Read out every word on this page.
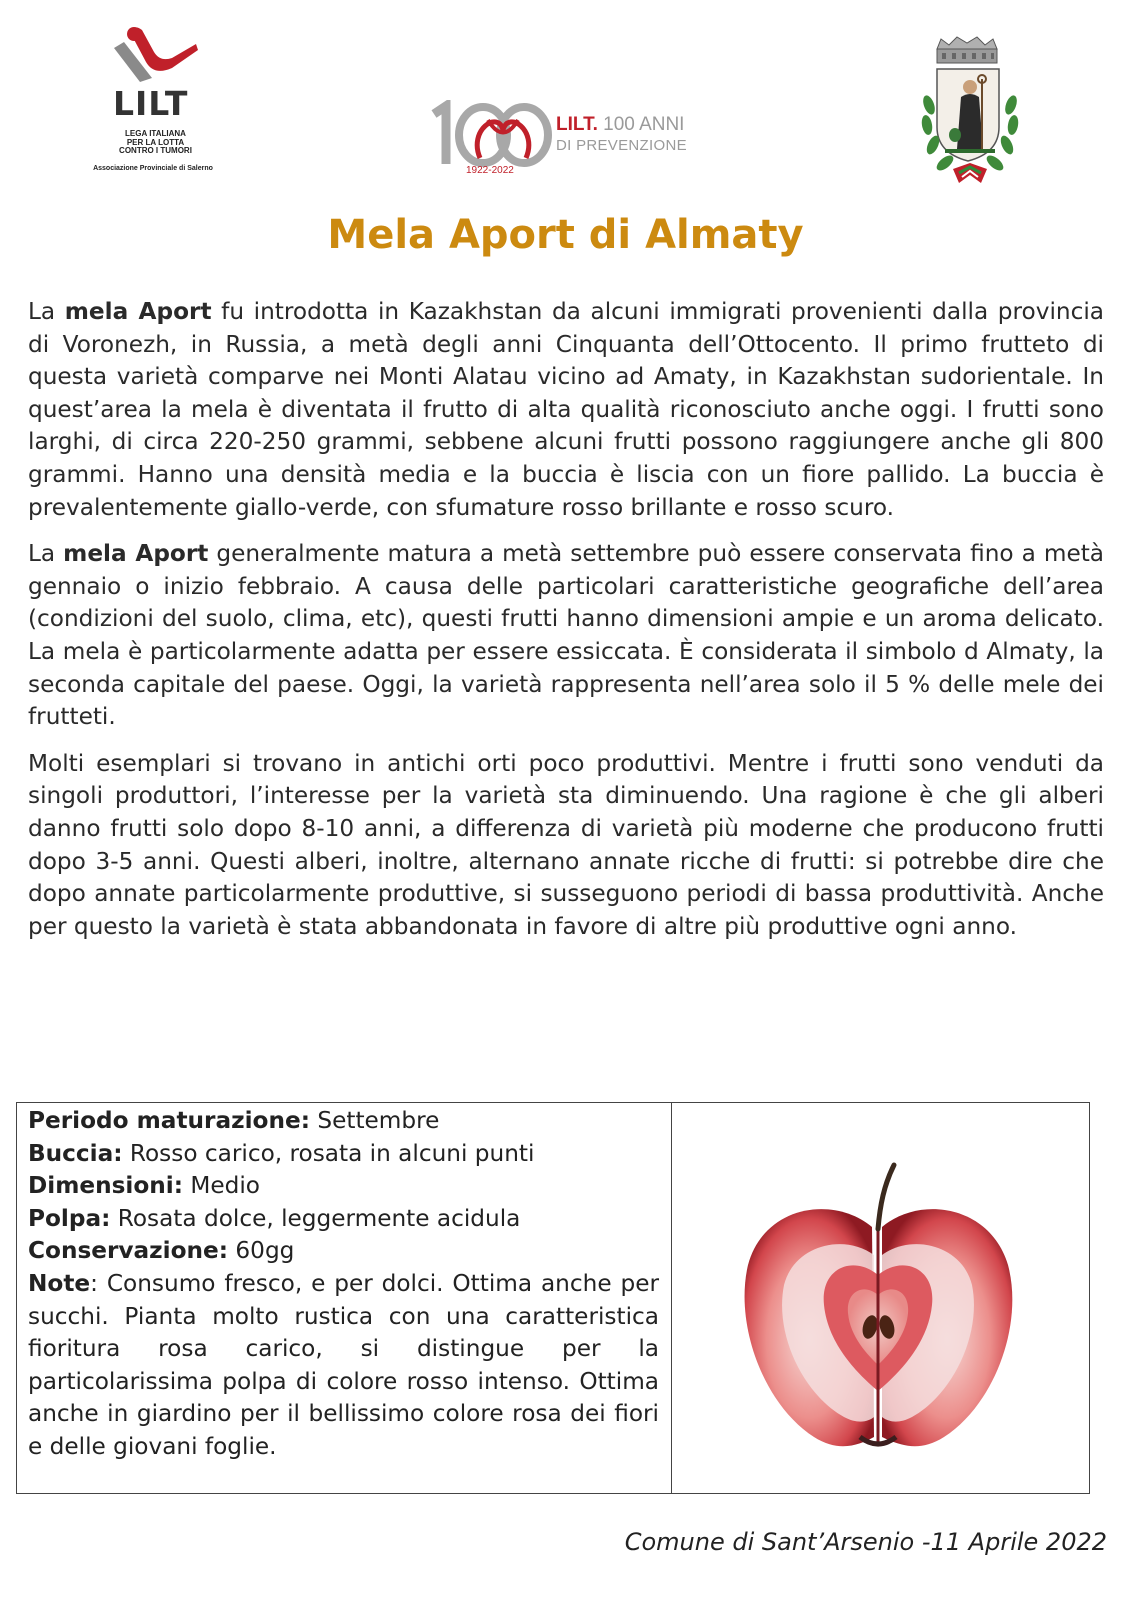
LILT
LEGA ITALIANA
PER LA LOTTA
CONTRO I TUMORI
Associazione Provinciale di Salerno	1922-2022
LILT. 100 ANNI
DI PREVENZIONE
Mela Aport di Almaty

La mela Aport fu introdotta in Kazakhstan da alcuni immigrati provenienti dalla provincia di Voronezh, in Russia, a metà degli anni Cinquanta dell’Ottocento. Il primo frutteto di questa varietà comparve nei Monti Alatau vicino ad Amaty, in Kazakhstan sudorientale. In quest’area la mela è diventata il frutto di alta qualità riconosciuto anche oggi. I frutti sono larghi, di circa 220-250 grammi, sebbene alcuni frutti possono raggiungere anche gli 800 grammi. Hanno una densità media e la buccia è liscia con un fiore pallido. La buccia è prevalentemente giallo-verde, con sfumature rosso brillante e rosso scuro.

La mela Aport generalmente matura a metà settembre può essere conservata fino a metà gennaio o inizio febbraio. A causa delle particolari caratteristiche geografiche dell’area (condizioni del suolo, clima, etc), questi frutti hanno dimensioni ampie e un aroma delicato. La mela è particolarmente adatta per essere essiccata. È considerata il simbolo d Almaty, la seconda capitale del paese. Oggi, la varietà rappresenta nell’area solo il 5 % delle mele dei frutteti.

Molti esemplari si trovano in antichi orti poco produttivi. Mentre i frutti sono venduti da singoli produttori, l’interesse per la varietà sta diminuendo. Una ragione è che gli alberi danno frutti solo dopo 8-10 anni, a differenza di varietà più moderne che producono frutti dopo 3-5 anni. Questi alberi, inoltre, alternano annate ricche di frutti: si potrebbe dire che dopo annate particolarmente produttive, si susseguono periodi di bassa produttività. Anche per questo la varietà è stata abbandonata in favore di altre più produttive ogni anno.

Periodo maturazione: Settembre
Buccia: Rosso carico, rosata in alcuni punti
Dimensioni: Medio
Polpa: Rosata dolce, leggermente acidula
Conservazione: 60gg
Note: Consumo fresco, e per dolci. Ottima anche per succhi. Pianta molto rustica con una caratteristica fioritura rosa carico, si distingue per la particolarissima polpa di colore rosso intenso. Ottima anche in giardino per il bellissimo colore rosa dei fiori e delle giovani foglie.
Comune di Sant’Arsenio -11 Aprile 2022
